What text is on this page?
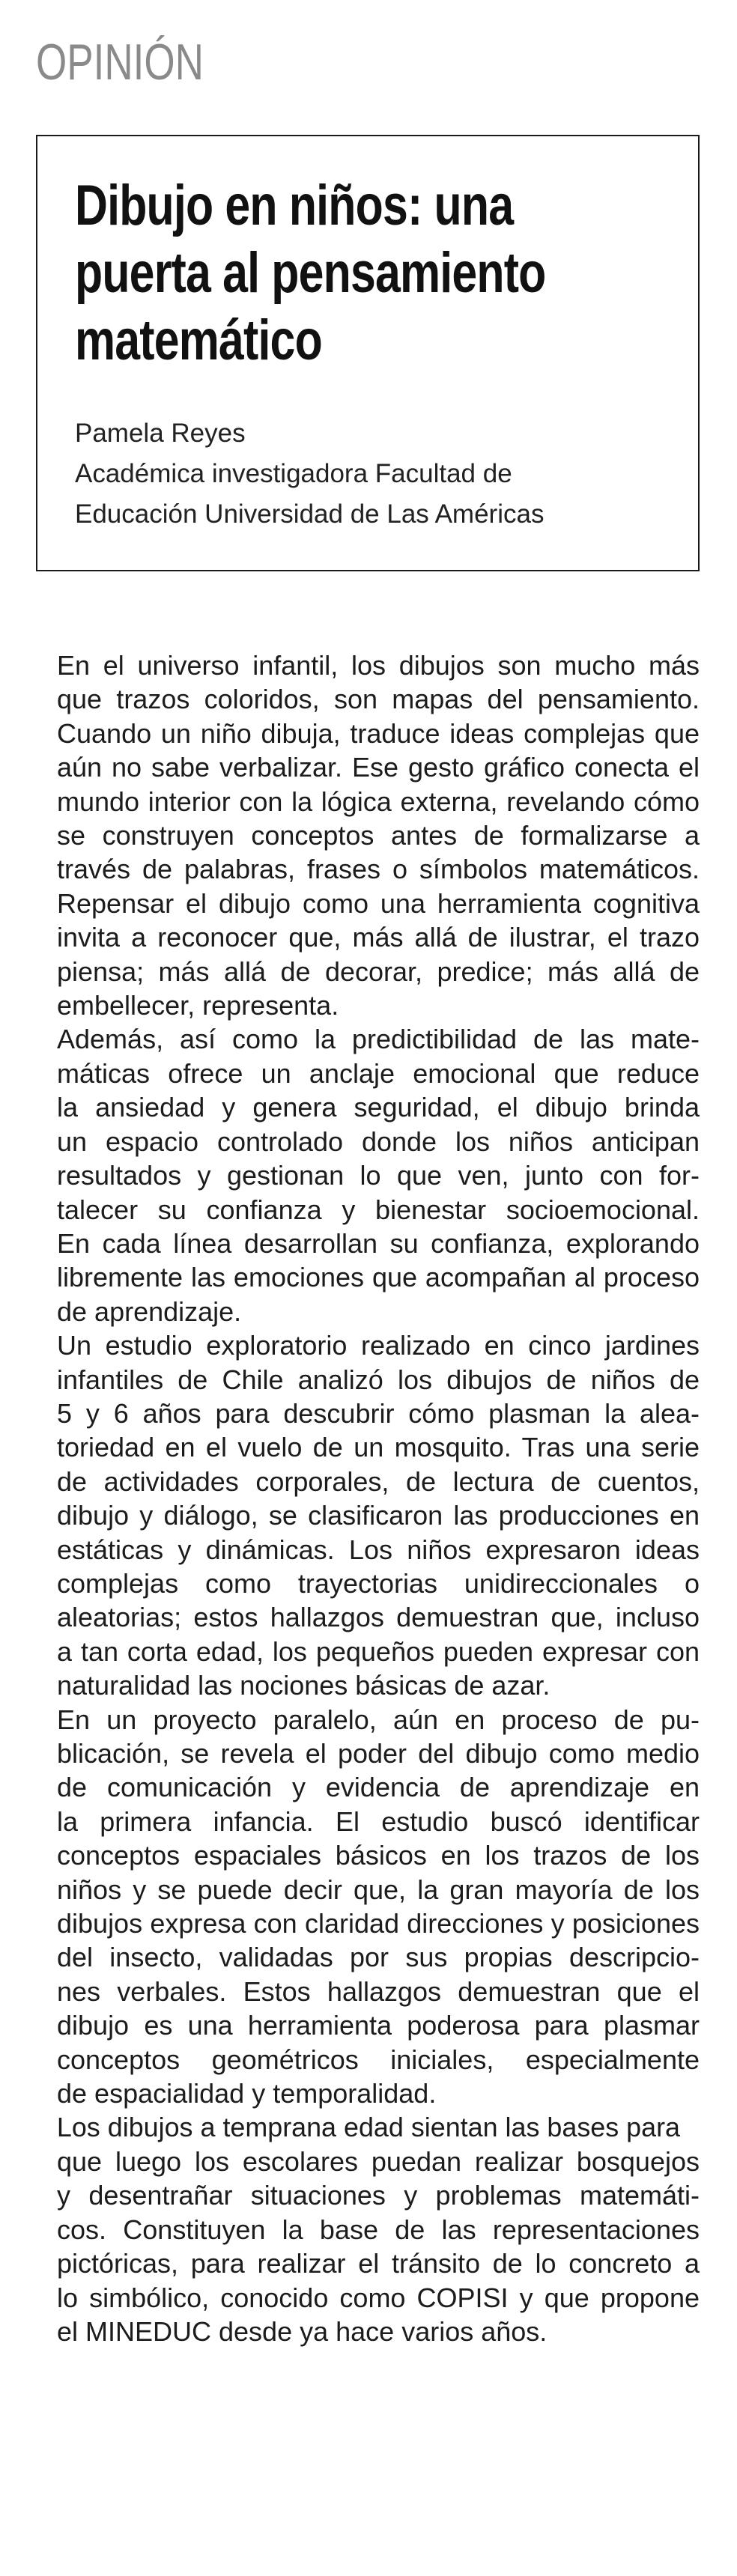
OPINIÓN
Dibujo en niños: una
puerta al pensamiento
matemático
Pamela Reyes
Académica investigadora Facultad de
Educación Universidad de Las Américas

En el universo infantil, los dibujos son mucho más
que trazos coloridos, son mapas del pensamiento.
Cuando un niño dibuja, traduce ideas complejas que
aún no sabe verbalizar. Ese gesto gráfico conecta el
mundo interior con la lógica externa, revelando cómo
se construyen conceptos antes de formalizarse a
través de palabras, frases o símbolos matemáticos.
Repensar el dibujo como una herramienta cognitiva
invita a reconocer que, más allá de ilustrar, el trazo
piensa; más allá de decorar, predice; más allá de
embellecer, representa.

Además, así como la predictibilidad de las mate-
máticas ofrece un anclaje emocional que reduce
la ansiedad y genera seguridad, el dibujo brinda
un espacio controlado donde los niños anticipan
resultados y gestionan lo que ven, junto con for-
talecer su confianza y bienestar socioemocional.
En cada línea desarrollan su confianza, explorando
libremente las emociones que acompañan al proceso
de aprendizaje.

Un estudio exploratorio realizado en cinco jardines
infantiles de Chile analizó los dibujos de niños de
5 y 6 años para descubrir cómo plasman la alea-
toriedad en el vuelo de un mosquito. Tras una serie
de actividades corporales, de lectura de cuentos,
dibujo y diálogo, se clasificaron las producciones en
estáticas y dinámicas. Los niños expresaron ideas
complejas como trayectorias unidireccionales o
aleatorias; estos hallazgos demuestran que, incluso
a tan corta edad, los pequeños pueden expresar con
naturalidad las nociones básicas de azar.

En un proyecto paralelo, aún en proceso de pu-
blicación, se revela el poder del dibujo como medio
de comunicación y evidencia de aprendizaje en
la primera infancia. El estudio buscó identificar
conceptos espaciales básicos en los trazos de los
niños y se puede decir que, la gran mayoría de los
dibujos expresa con claridad direcciones y posiciones
del insecto, validadas por sus propias descripcio-
nes verbales. Estos hallazgos demuestran que el
dibujo es una herramienta poderosa para plasmar
conceptos geométricos iniciales, especialmente
de espacialidad y temporalidad.

Los dibujos a temprana edad sientan las bases para
que luego los escolares puedan realizar bosquejos
y desentrañar situaciones y problemas matemáti-
cos. Constituyen la base de las representaciones
pictóricas, para realizar el tránsito de lo concreto a
lo simbólico, conocido como COPISI y que propone
el MINEDUC desde ya hace varios años.
